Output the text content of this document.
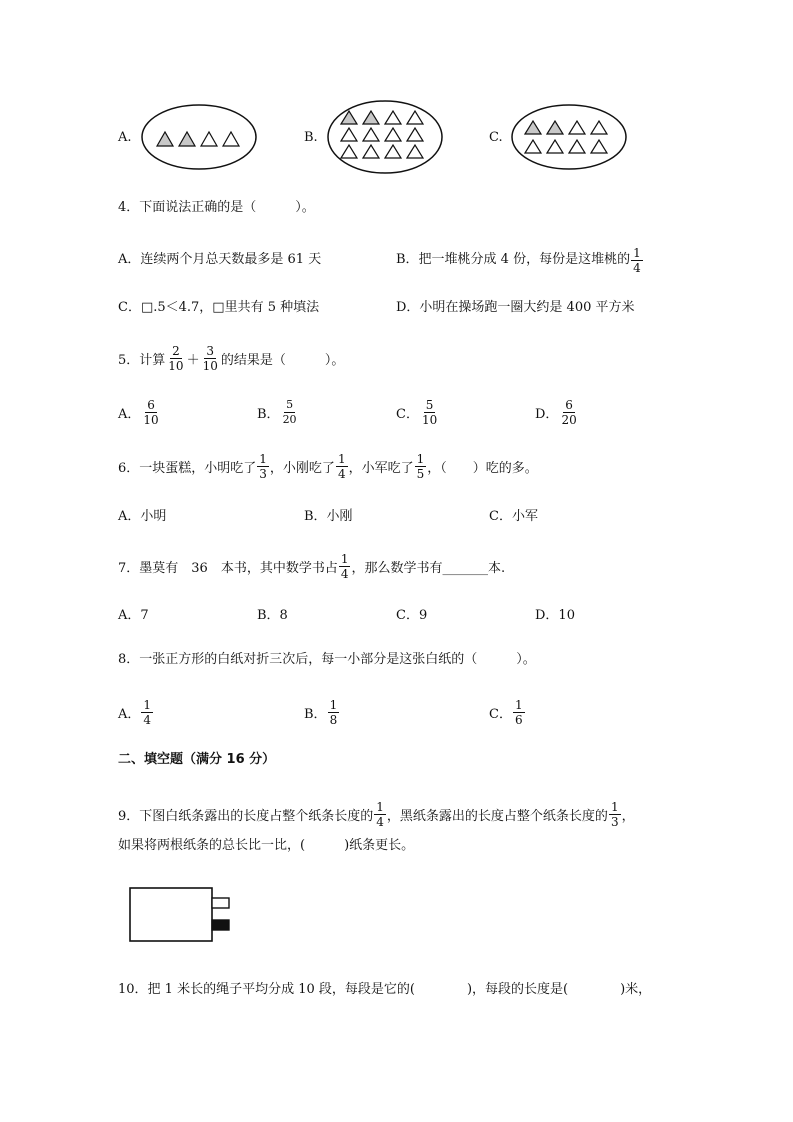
A.	B.	C.
4．下面说法正确的是（　　　）。
A．连续两个月总天数最多是 61 天	B．把一堆桃分成 4 份，每份是这堆桃的 $\frac{1}{4}$
C．□.5＜4.7，□里共有 5 种填法	D．小明在操场跑一圈大约是 400 平方米
5．计算 $\frac{2}{10} + \frac{3}{10}$ 的结果是（　　　）。
A． $\frac{6}{10}$	B． $\frac{5}{20}$	C． $\frac{5}{10}$	D． $\frac{6}{20}$
6．一块蛋糕，小明吃了 $\frac{1}{3}$ ，小刚吃了 $\frac{1}{4}$ ，小军吃了 $\frac{1}{5}$ ，（　　）吃的多。
A．小明	B．小刚	C．小军
7．墨莫有　36　本书，其中数学书占 $\frac{1}{4}$ ，那么数学书有_______本.
A．7	B．8	C．9	D．10
8．一张正方形的白纸对折三次后，每一小部分是这张白纸的（　　　）。
A． $\frac{1}{4}$	B． $\frac{1}{8}$	C． $\frac{1}{6}$
二、填空题（满分 16 分）
9．下图白纸条露出的长度占整个纸条长度的 $\frac{1}{4}$ ，黑纸条露出的长度占整个纸条长度的 $\frac{1}{3}$ ，
如果将两根纸条的总长比一比，(　　　)纸条更长。
10．把 1 米长的绳子平均分成 10 段，每段是它的(　　　　)，每段的长度是(　　　　)米，
